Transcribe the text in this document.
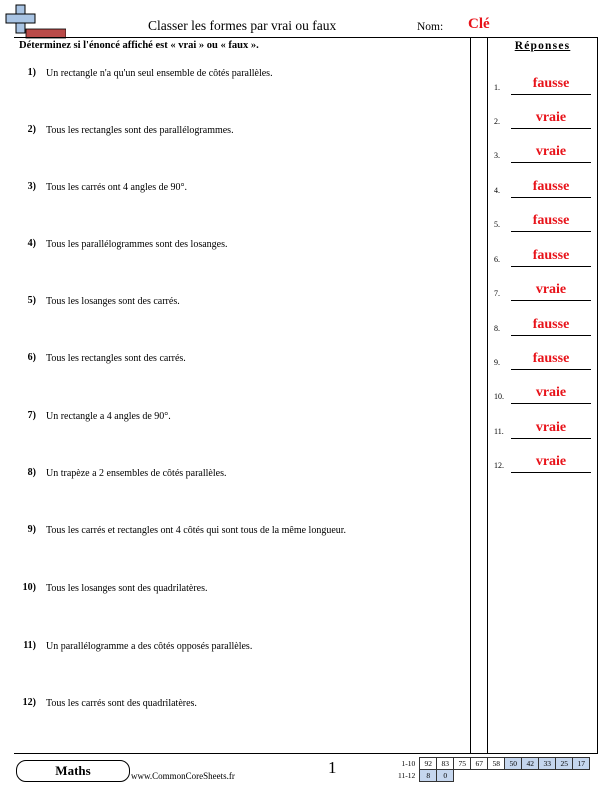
Classer les formes par vrai ou faux	Nom: Clé
Déterminez si l'énoncé affiché est « vrai » ou « faux ».
1) Un rectangle n'a qu'un seul ensemble de côtés parallèles.
2) Tous les rectangles sont des parallélogrammes.
3) Tous les carrés ont 4 angles de 90°.
4) Tous les parallélogrammes sont des losanges.
5) Tous les losanges sont des carrés.
6) Tous les rectangles sont des carrés.
7) Un rectangle a 4 angles de 90°.
8) Un trapèze a 2 ensembles de côtés parallèles.
9) Tous les carrés et rectangles ont 4 côtés qui sont tous de la même longueur.
10) Tous les losanges sont des quadrilatères.
11) Un parallélogramme a des côtés opposés parallèles.
12) Tous les carrés sont des quadrilatères.
Réponses
1.	fausse
2.	vraie
3.	vraie
4.	fausse
5.	fausse
6.	fausse
7.	vraie
8.	fausse
9.	fausse
10.	vraie
11.	vraie
12.	vraie
Maths	www.CommonCoreSheets.fr	1	1-10	92	83	75	67	58	50	42	33	25	17
11-12	8	0								
